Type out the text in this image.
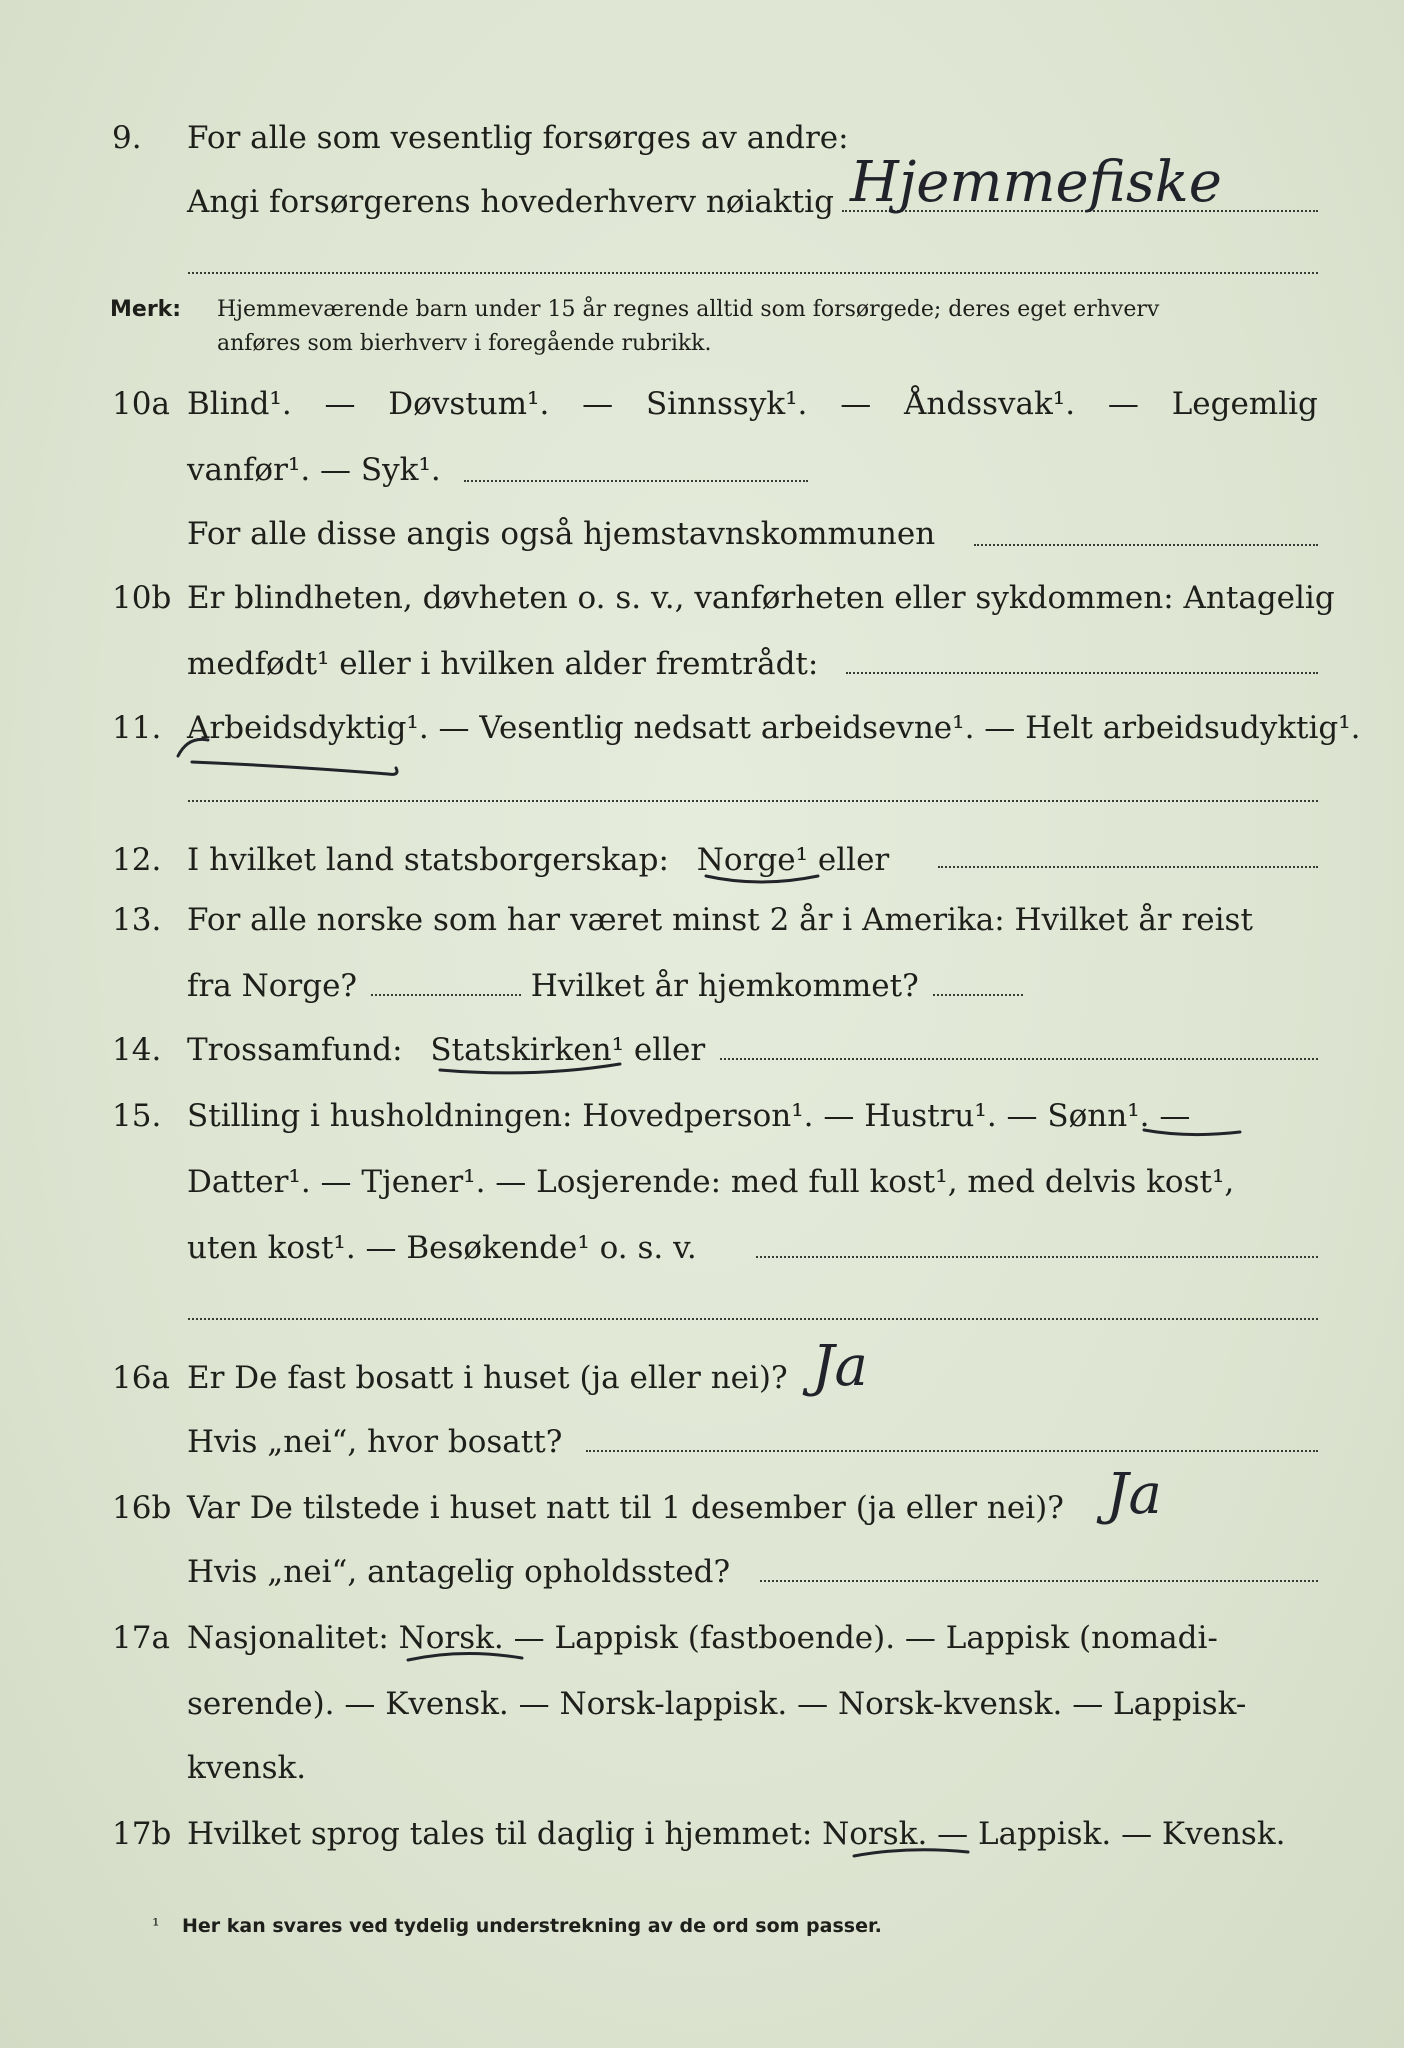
9. For alle som vesentlig forsørges av andre:
Angi forsørgerens hovederhverv nøiaktig Hjemmefiske
Merk: Hjemmeværende barn under 15 år regnes alltid som forsørgede; deres eget erhverv
anføres som bierhverv i foregående rubrikk.
10a Blind¹. — Døvstum¹. — Sinnssyk¹. — Åndssvak¹. — Legemlig
vanfør¹. — Syk¹.
For alle disse angis også hjemstavnskommunen
10b Er blindheten, døvheten o. s. v., vanførheten eller sykdommen: Antagelig
medfødt¹ eller i hvilken alder fremtrådt:
11. Arbeidsdyktig¹. — Vesentlig nedsatt arbeidsevne¹. — Helt arbeidsudyktig¹.
12. I hvilket land statsborgerskap: Norge¹ eller
13. For alle norske som har været minst 2 år i Amerika: Hvilket år reist
fra Norge?	Hvilket år hjemkommet?
14. Trossamfund: Statskirken¹ eller
15. Stilling i husholdningen: Hovedperson¹. — Hustru¹. — Sønn¹. —
Datter¹. — Tjener¹. — Losjerende: med full kost¹, med delvis kost¹,
uten kost¹. — Besøkende¹ o. s. v.
16a Er De fast bosatt i huset (ja eller nei)? Ja
Hvis „nei“, hvor bosatt?
16b Var De tilstede i huset natt til 1 desember (ja eller nei)? Ja
Hvis „nei“, antagelig opholdssted?
17a Nasjonalitet: Norsk. — Lappisk (fastboende). — Lappisk (nomadi-
serende). — Kvensk. — Norsk-lappisk. — Norsk-kvensk. — Lappisk-
kvensk.
17b Hvilket sprog tales til daglig i hjemmet: Norsk. — Lappisk. — Kvensk.
¹ Her kan svares ved tydelig understrekning av de ord som passer.
